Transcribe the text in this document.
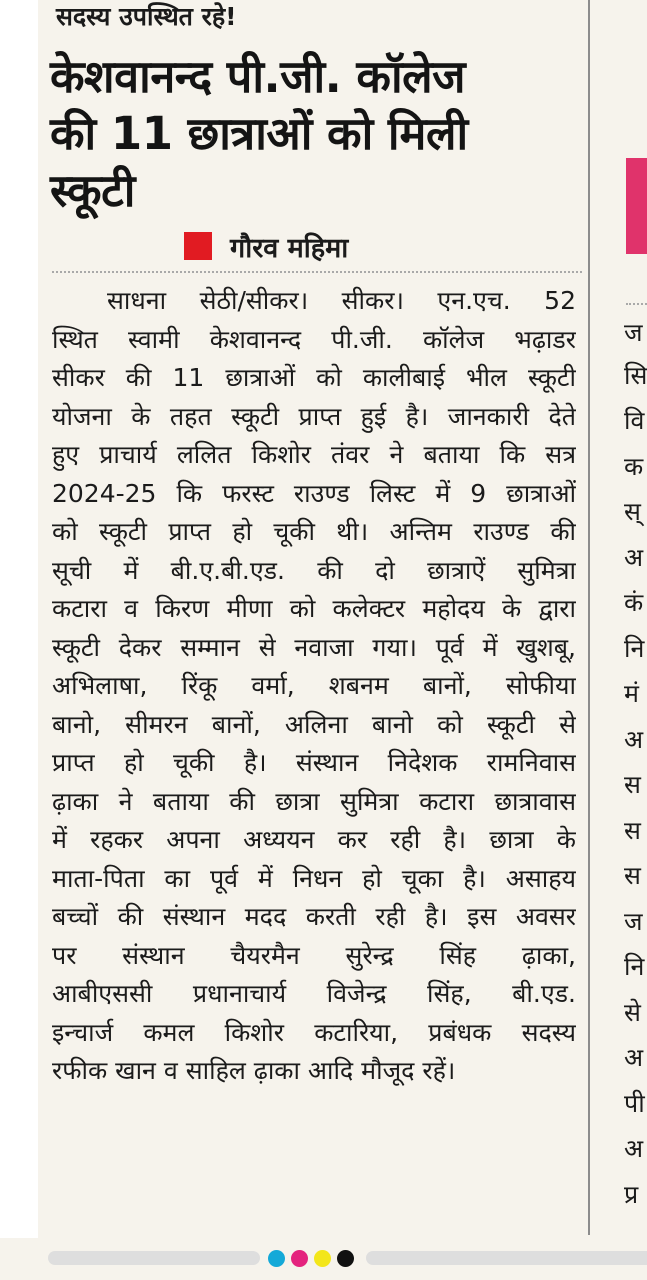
सदस्य उपस्थित रहे!

केशवानन्द पी.जी. कॉलेज
की 11 छात्राओं को मिली
स्कूटी
गौरव महिमा
साधना सेठी/सीकर। सीकर। एन.एच. 52
स्थित स्वामी केशवानन्द पी.जी. कॉलेज भढ़ाडर
सीकर की 11 छात्राओं को कालीबाई भील स्कूटी
योजना के तहत स्कूटी प्राप्त हुई है। जानकारी देते
हुए प्राचार्य ललित किशोर तंवर ने बताया कि सत्र
2024-25 कि फरस्ट राउण्ड लिस्ट में 9 छात्राओं
को स्कूटी प्राप्त हो चूकी थी। अन्तिम राउण्ड की
सूची में बी.ए.बी.एड. की दो छात्राऐं सुमित्रा
कटारा व किरण मीणा को कलेक्टर महोदय के द्वारा
स्कूटी देकर सम्मान से नवाजा गया। पूर्व में खुशबू,
अभिलाषा, रिंकू वर्मा, शबनम बानों, सोफीया
बानो, सीमरन बानों, अलिना बानो को स्कूटी से
प्राप्त हो चूकी है। संस्थान निदेशक रामनिवास
ढ़ाका ने बताया की छात्रा सुमित्रा कटारा छात्रावास
में रहकर अपना अध्ययन कर रही है। छात्रा के
माता-पिता का पूर्व में निधन हो चूका है। असाहय
बच्चों की संस्थान मदद करती रही है। इस अवसर
पर संस्थान चैयरमैन सुरेन्द्र सिंह ढ़ाका,
आबीएससी प्रधानाचार्य विजेन्द्र सिंह, बी.एड.
इन्चार्ज कमल किशोर कटारिया, प्रबंधक सदस्य
रफीक खान व साहिल ढ़ाका आदि मौजूद रहें।
ज
सि
वि
क
स्
अ
कं
नि
मं
अ
स
स
स
ज
नि
से
अ
पी
अ
प्र
